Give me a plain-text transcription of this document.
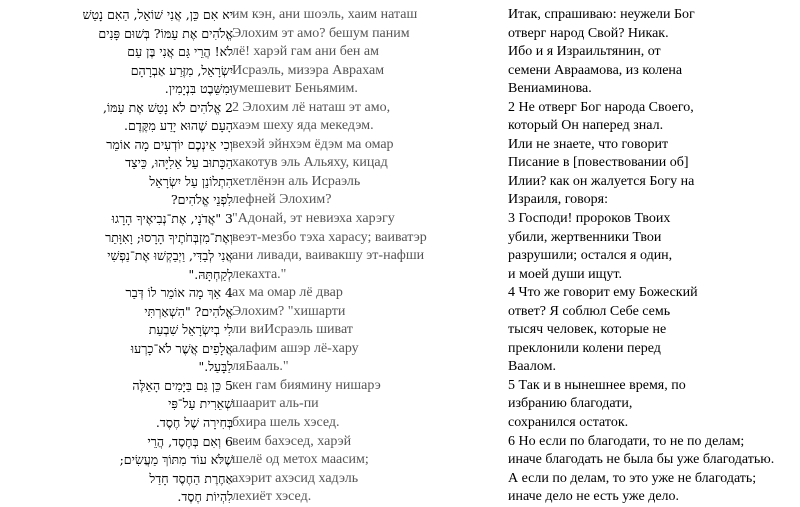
יא אִם כֵּן, אֲנִי שׁוֹאֵל, הַאִם נָטַשׁ
אֱלֹהִים אֶת עַמּוֹ? בְּשׁוּם פָּנִים
לֹא! הֲרֵי גַּם אֲנִי בֶּן עַם
יִשְׂרָאֵל, מִזֶּרַע אַבְרָהָם
וּמִשֵּׁבֶט בִּנְיָמִין.
2 אֱלֹהִים לֹא נָטַשׁ אֶת עַמּוֹ,
הָעָם שֶׁהוּא יָדַע מִקֶּדֶם.
וְכִי אֵינְכֶם יוֹדְעִים מָה אוֹמֵר
הַכָּתוּב עַל אֵלִיָּהוּ, כֵּיצַד
הִתְלוֹנֵן עַל יִשְׂרָאֵל
לִפְנֵי אֱלֹהִים?
3 "אֲדֹנָי, אֶת־נְבִיאֶיךָ הָרָגוּ
וְאֶת־מִזְבְּחֹתֶיךָ הָרָסוּ; וָאִוָּתֵר
אֲנִי לְבַדִּי, וַיְבַקְשׁוּ אֶת־נַפְשִׁי
לְקַחְתָּהּ."
4 אַךְ מָה אוֹמֵר לוֹ דְּבַר
אֱלֹהִים? "הִשְׁאַרְתִּי
לִי בְיִשְׂרָאֵל שִׁבְעַת
אֲלָפִים אֲשֶׁר לֹא־כָרְעוּ
לַבָּעַל."
5 כֵּן גַּם בַּיָּמִים הָאֵלֶּה
שְׁאֵרִית עַל־פִּי
בְּחִירָה שֶׁל חֶסֶד.
6 וְאִם בְּחֶסֶד, הֲרֵי
שֶׁלֹּא עוֹד מִתּוֹךְ מַעֲשִׂים;
אַחֶרֶת הַחֶסֶד חָדַל
לִהְיוֹת חֶסֶד.
им кэн, ани шоэль, хаим наташ
Элохим эт амо? бешум паним
лё! харэй гам ани бен ам
Исраэль, мизэра Аврахам
умешевит Беньямим.
2 Элохим лё наташ эт амо,
хаэм шеху яда мекедэм.
вехэй эйнхэм ёдэм ма омар
хакотув эль Альяху, кицад
хетлёнэн аль Исраэль
лефней Элохим?
"Адонай, эт невиэха харэгу
веэт-мезбо тэха харасу; ваиватэр
ани ливади, ваивакшу эт-нафши
лекахта."
ах ма омар лё двар
Элохим? "хишарти
ли виИсраэль шиват
алафим ашэр лё-хару
ляБааль."
кен гам биямину нишарэ
шаарит аль-пи
бхира шель хэсед.
веим бахэсед, харэй
шелё од метох маасим;
ахэрит ахэсид хадэль
лехиёт хэсед.
Итак, спрашиваю: неужели Бог
отверг народ Свой? Никак.
Ибо и я Израильтянин, от
семени Авраамова, из колена
Вениаминова.
2 Не отверг Бог народа Своего,
который Он наперед знал.
Или не знаете, что говорит
Писание в [повествовании об]
Илии? как он жалуется Богу на
Израиля, говоря:
3 Господи! пророков Твоих
убили, жертвенники Твои
разрушили; остался я один,
и моей души ищут.
4 Что же говорит ему Божеский
ответ? Я соблюл Себе семь
тысяч человек, которые не
преклонили колени перед
Ваалом.
5 Так и в нынешнее время, по
избранию благодати,
сохранился остаток.
6 Но если по благодати, то не по делам;
иначе благодать не была бы уже благодатью.
А если по делам, то это уже не благодать;
иначе дело не есть уже дело.
